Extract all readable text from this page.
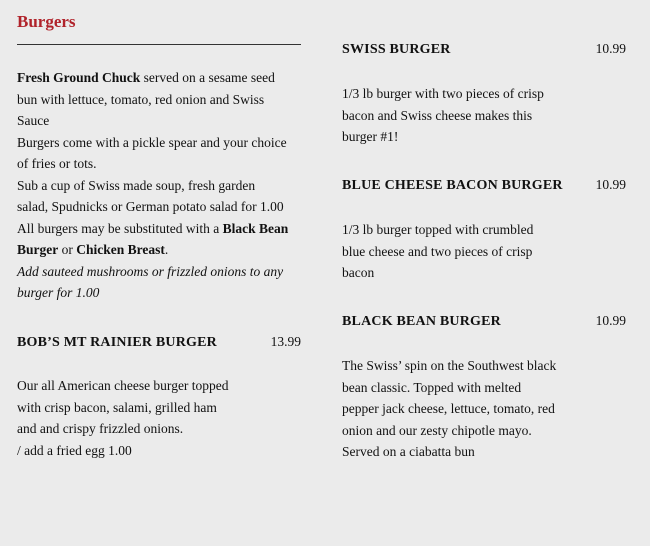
Burgers
Fresh Ground Chuck served on a sesame seed
bun with lettuce, tomato, red onion and Swiss
Sauce
Burgers come with a pickle spear and your choice
of fries or tots.
Sub a cup of Swiss made soup, fresh garden
salad, Spudnicks or German potato salad for 1.00
All burgers may be substituted with a Black Bean
Burger or Chicken Breast.
Add sauteed mushrooms or frizzled onions to any
burger for 1.00
BOB’S MT RAINIER BURGER	13.99
Our all American cheese burger topped
with crisp bacon, salami, grilled ham
and and crispy frizzled onions.
/ add a fried egg 1.00
SWISS BURGER	10.99
1/3 lb burger with two pieces of crisp
bacon and Swiss cheese makes this
burger #1!
BLUE CHEESE BACON BURGER 10.99
1/3 lb burger topped with crumbled
blue cheese and two pieces of crisp
bacon
BLACK BEAN BURGER	10.99
The Swiss’ spin on the Southwest black
bean classic. Topped with melted
pepper jack cheese, lettuce, tomato, red
onion and our zesty chipotle mayo.
Served on a ciabatta bun
